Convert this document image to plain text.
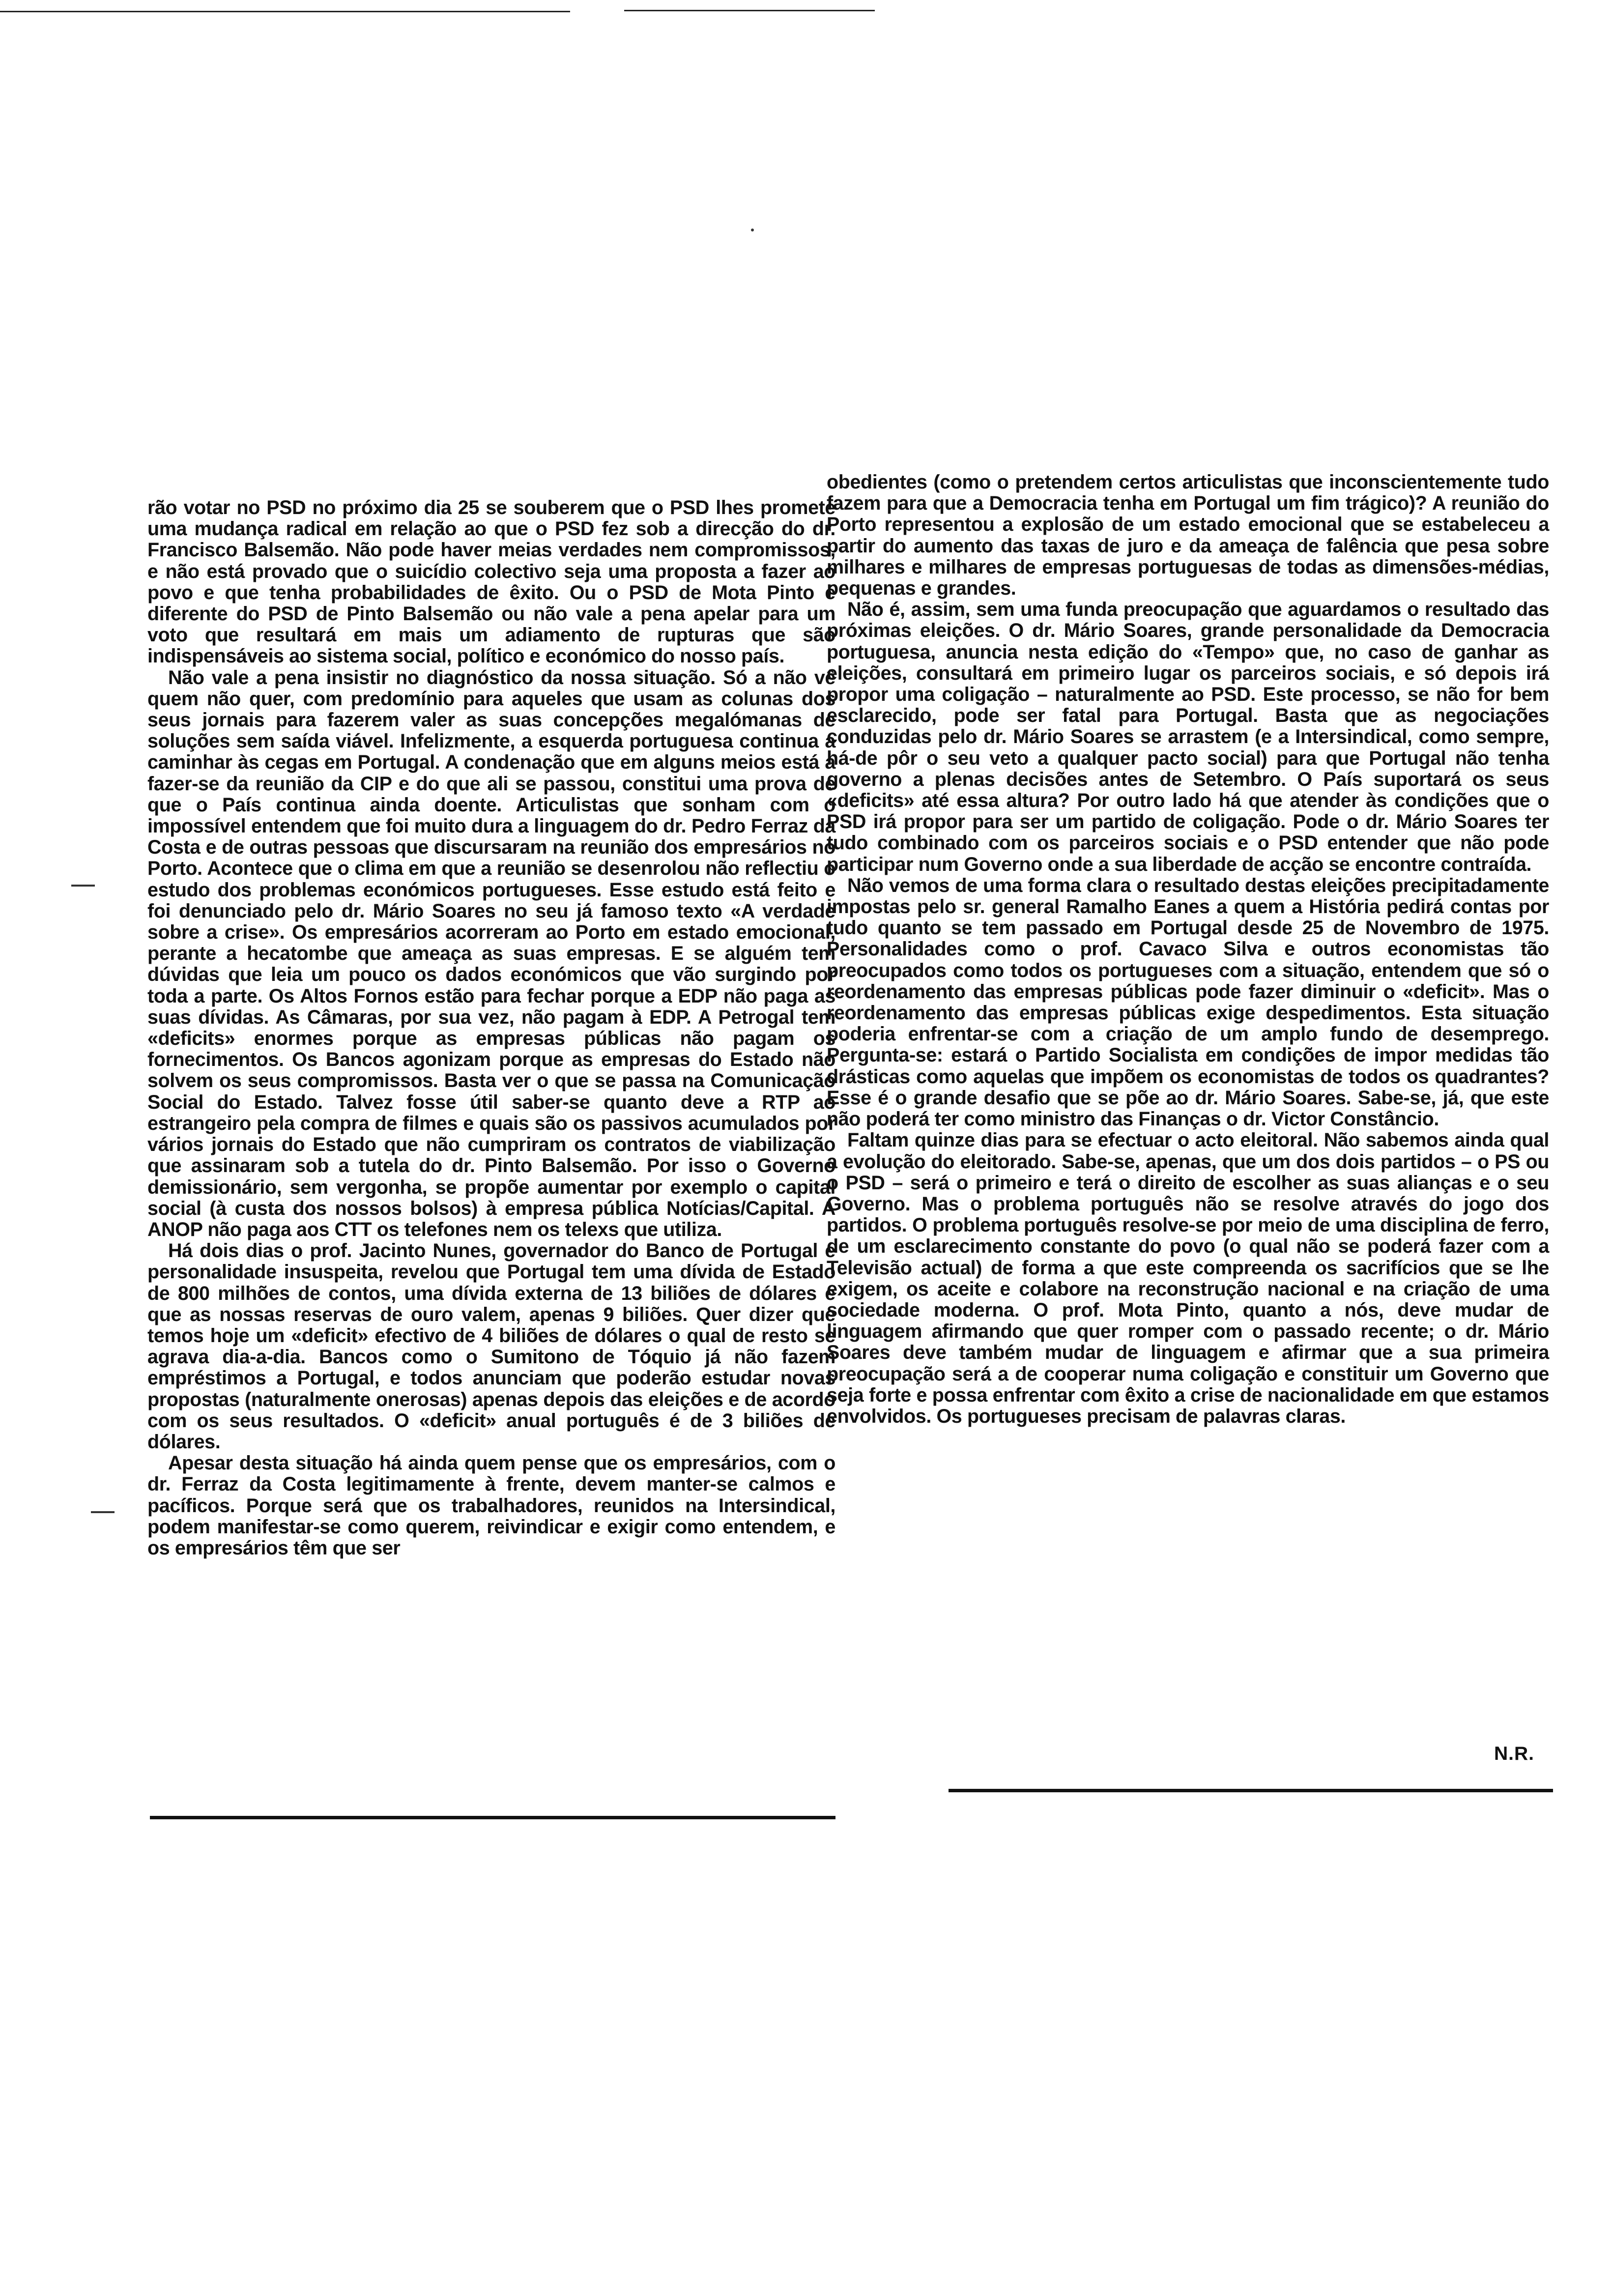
rão votar no PSD no próximo dia 25 se souberem que o PSD lhes promete uma mudança radical em relação ao que o PSD fez sob a direcção do dr. Francisco Balsemão. Não pode haver meias verdades nem compromissos, e não está provado que o suicídio colectivo seja uma proposta a fazer ao povo e que tenha probabilidades de êxito. Ou o PSD de Mota Pinto é diferente do PSD de Pinto Balsemão ou não vale a pena apelar para um voto que resultará em mais um adiamento de rupturas que são indispensáveis ao sistema social, político e económico do nosso país.

Não vale a pena insistir no diagnóstico da nossa situação. Só a não vê quem não quer, com predomínio para aqueles que usam as colunas dos seus jornais para fazerem valer as suas concepções megalómanas de soluções sem saída viável. Infelizmente, a esquerda portuguesa continua a caminhar às cegas em Portugal. A condenação que em alguns meios está a fazer-se da reunião da CIP e do que ali se passou, constitui uma prova de que o País continua ainda doente. Articulistas que sonham com o impossível entendem que foi muito dura a linguagem do dr. Pedro Ferraz da Costa e de outras pessoas que discursaram na reunião dos empresários no Porto. Acontece que o clima em que a reunião se desenrolou não reflectiu o estudo dos problemas económicos portugueses. Esse estudo está feito e foi denunciado pelo dr. Mário Soares no seu já famoso texto «A verdade sobre a crise». Os empresários acorreram ao Porto em estado emocional, perante a hecatombe que ameaça as suas empresas. E se alguém tem dúvidas que leia um pouco os dados económicos que vão surgindo por toda a parte. Os Altos Fornos estão para fechar porque a EDP não paga as suas dívidas. As Câmaras, por sua vez, não pagam à EDP. A Petrogal tem «deficits» enormes porque as empresas públicas não pagam os fornecimentos. Os Bancos agonizam porque as empresas do Estado não solvem os seus compromissos. Basta ver o que se passa na Comunicação Social do Estado. Talvez fosse útil saber-se quanto deve a RTP ao estrangeiro pela compra de filmes e quais são os passivos acumulados por vários jornais do Estado que não cumpriram os contratos de viabilização que assinaram sob a tutela do dr. Pinto Balsemão. Por isso o Governo demissionário, sem vergonha, se propõe aumentar por exemplo o capital social (à custa dos nossos bolsos) à empresa pública Notícias/Capital. A ANOP não paga aos CTT os telefones nem os telexs que utiliza.

Há dois dias o prof. Jacinto Nunes, governador do Banco de Portugal e personalidade insuspeita, revelou que Portugal tem uma dívida de Estado de 800 milhões de contos, uma dívida externa de 13 biliões de dólares e que as nossas reservas de ouro valem, apenas 9 biliões. Quer dizer que temos hoje um «deficit» efectivo de 4 biliões de dólares o qual de resto se agrava dia-a-dia. Bancos como o Sumitono de Tóquio já não fazem empréstimos a Portugal, e todos anunciam que poderão estudar novas propostas (naturalmente onerosas) apenas depois das eleições e de acordo com os seus resultados. O «deficit» anual português é de 3 biliões de dólares.

Apesar desta situação há ainda quem pense que os empresários, com o dr. Ferraz da Costa legitimamente à frente, devem manter-se calmos e pacíficos. Porque será que os trabalhadores, reunidos na Intersindical, podem manifestar-se como querem, reivindicar e exigir como entendem, e os empresários têm que ser

obedientes (como o pretendem certos articulistas que inconscientemente tudo fazem para que a Democracia tenha em Portugal um fim trágico)? A reunião do Porto representou a explosão de um estado emocional que se estabeleceu a partir do aumento das taxas de juro e da ameaça de falência que pesa sobre milhares e milhares de empresas portuguesas de todas as dimensões-médias, pequenas e grandes.

Não é, assim, sem uma funda preocupação que aguardamos o resultado das próximas eleições. O dr. Mário Soares, grande personalidade da Democracia portuguesa, anuncia nesta edição do «Tempo» que, no caso de ganhar as eleições, consultará em primeiro lugar os parceiros sociais, e só depois irá propor uma coligação – naturalmente ao PSD. Este processo, se não for bem esclarecido, pode ser fatal para Portugal. Basta que as negociações conduzidas pelo dr. Mário Soares se arrastem (e a Intersindical, como sempre, há-de pôr o seu veto a qualquer pacto social) para que Portugal não tenha governo a plenas decisões antes de Setembro. O País suportará os seus «deficits» até essa altura? Por outro lado há que atender às condições que o PSD irá propor para ser um partido de coligação. Pode o dr. Mário Soares ter tudo combinado com os parceiros sociais e o PSD entender que não pode participar num Governo onde a sua liberdade de acção se encontre contraída.

Não vemos de uma forma clara o resultado destas eleições precipitadamente impostas pelo sr. general Ramalho Eanes a quem a História pedirá contas por tudo quanto se tem passado em Portugal desde 25 de Novembro de 1975. Personalidades como o prof. Cavaco Silva e outros economistas tão preocupados como todos os portugueses com a situação, entendem que só o reordenamento das empresas públicas pode fazer diminuir o «deficit». Mas o reordenamento das empresas públicas exige despedimentos. Esta situação poderia enfrentar-se com a criação de um amplo fundo de desemprego. Pergunta-se: estará o Partido Socialista em condições de impor medidas tão drásticas como aquelas que impõem os economistas de todos os quadrantes? Esse é o grande desafio que se põe ao dr. Mário Soares. Sabe-se, já, que este não poderá ter como ministro das Finanças o dr. Victor Constâncio.

Faltam quinze dias para se efectuar o acto eleitoral. Não sabemos ainda qual a evolução do eleitorado. Sabe-se, apenas, que um dos dois partidos – o PS ou o PSD – será o primeiro e terá o direito de escolher as suas alianças e o seu Governo. Mas o problema português não se resolve através do jogo dos partidos. O problema português resolve-se por meio de uma disciplina de ferro, de um esclarecimento constante do povo (o qual não se poderá fazer com a Televisão actual) de forma a que este compreenda os sacrifícios que se lhe exigem, os aceite e colabore na reconstrução nacional e na criação de uma sociedade moderna. O prof. Mota Pinto, quanto a nós, deve mudar de linguagem afirmando que quer romper com o passado recente; o dr. Mário Soares deve também mudar de linguagem e afirmar que a sua primeira preocupação será a de cooperar numa coligação e constituir um Governo que seja forte e possa enfrentar com êxito a crise de nacionalidade em que estamos envolvidos. Os portugueses precisam de palavras claras.

N.R.
